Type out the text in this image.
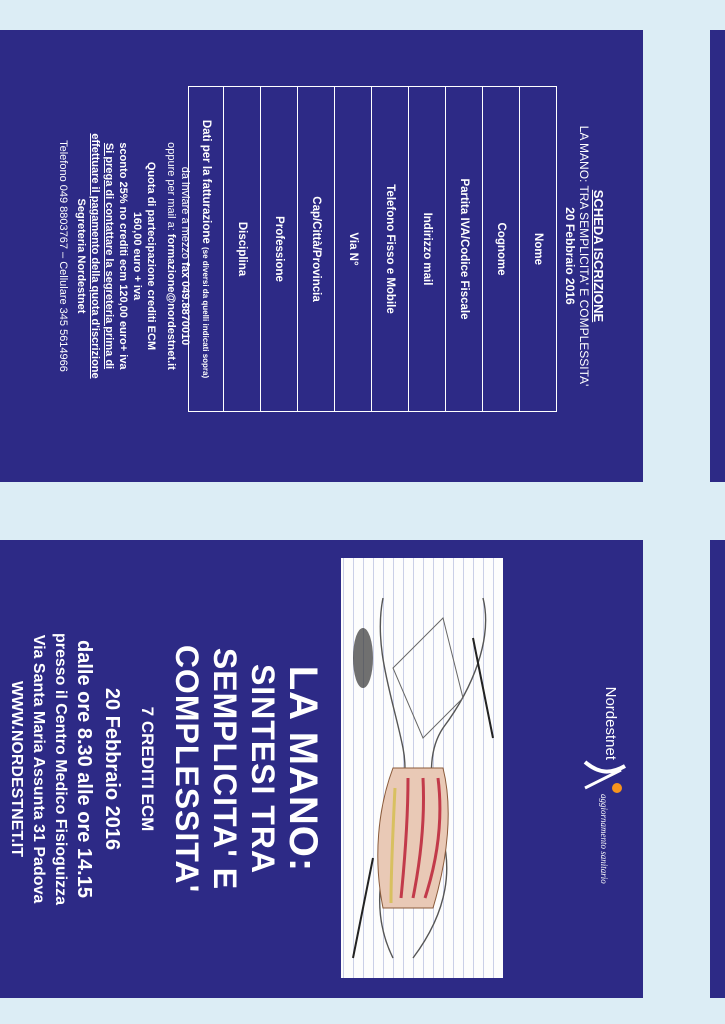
SCHEDA ISCRIZIONE
LA MANO: TRA SEMPLICITA' E COMPLESSITA'
20 Febbraio 2016
Nome
Cognome
Partita IVA/Codice Fiscale
Indirizzo mail
Telefono Fisso e Mobile
Via N°
Cap/Città/Provincia
Professione
Disciplina
Dati per la fatturazione (se diversi da quelli indicati sopra)
da inviare a mezzo fax 049.8870010
oppure per mail a: formazione@nordestnet.it
Quota di partecipazione crediti ECM
160,00 euro + iva
sconto 25% no crediti ecm 120,00 euro+ iva
Si prega di contattare la segreteria prima di
effettuare il pagamento della quota d'iscrizione
Segreteria Nordestnet
Telefono 049 8803767 – Cellulare 345 5614966
Nordestnet
aggiornamento sanitario
LA MANO:
SINTESI TRA
SEMPLICITA' E
COMPLESSITA'
7 CREDITI ECM
20 Febbraio 2016
dalle ore 8.30 alle ore 14.15
presso il Centro Medico Fisioguizza
Via Santa Maria Assunta 31 Padova
WWW.NORDESTNET.IT
